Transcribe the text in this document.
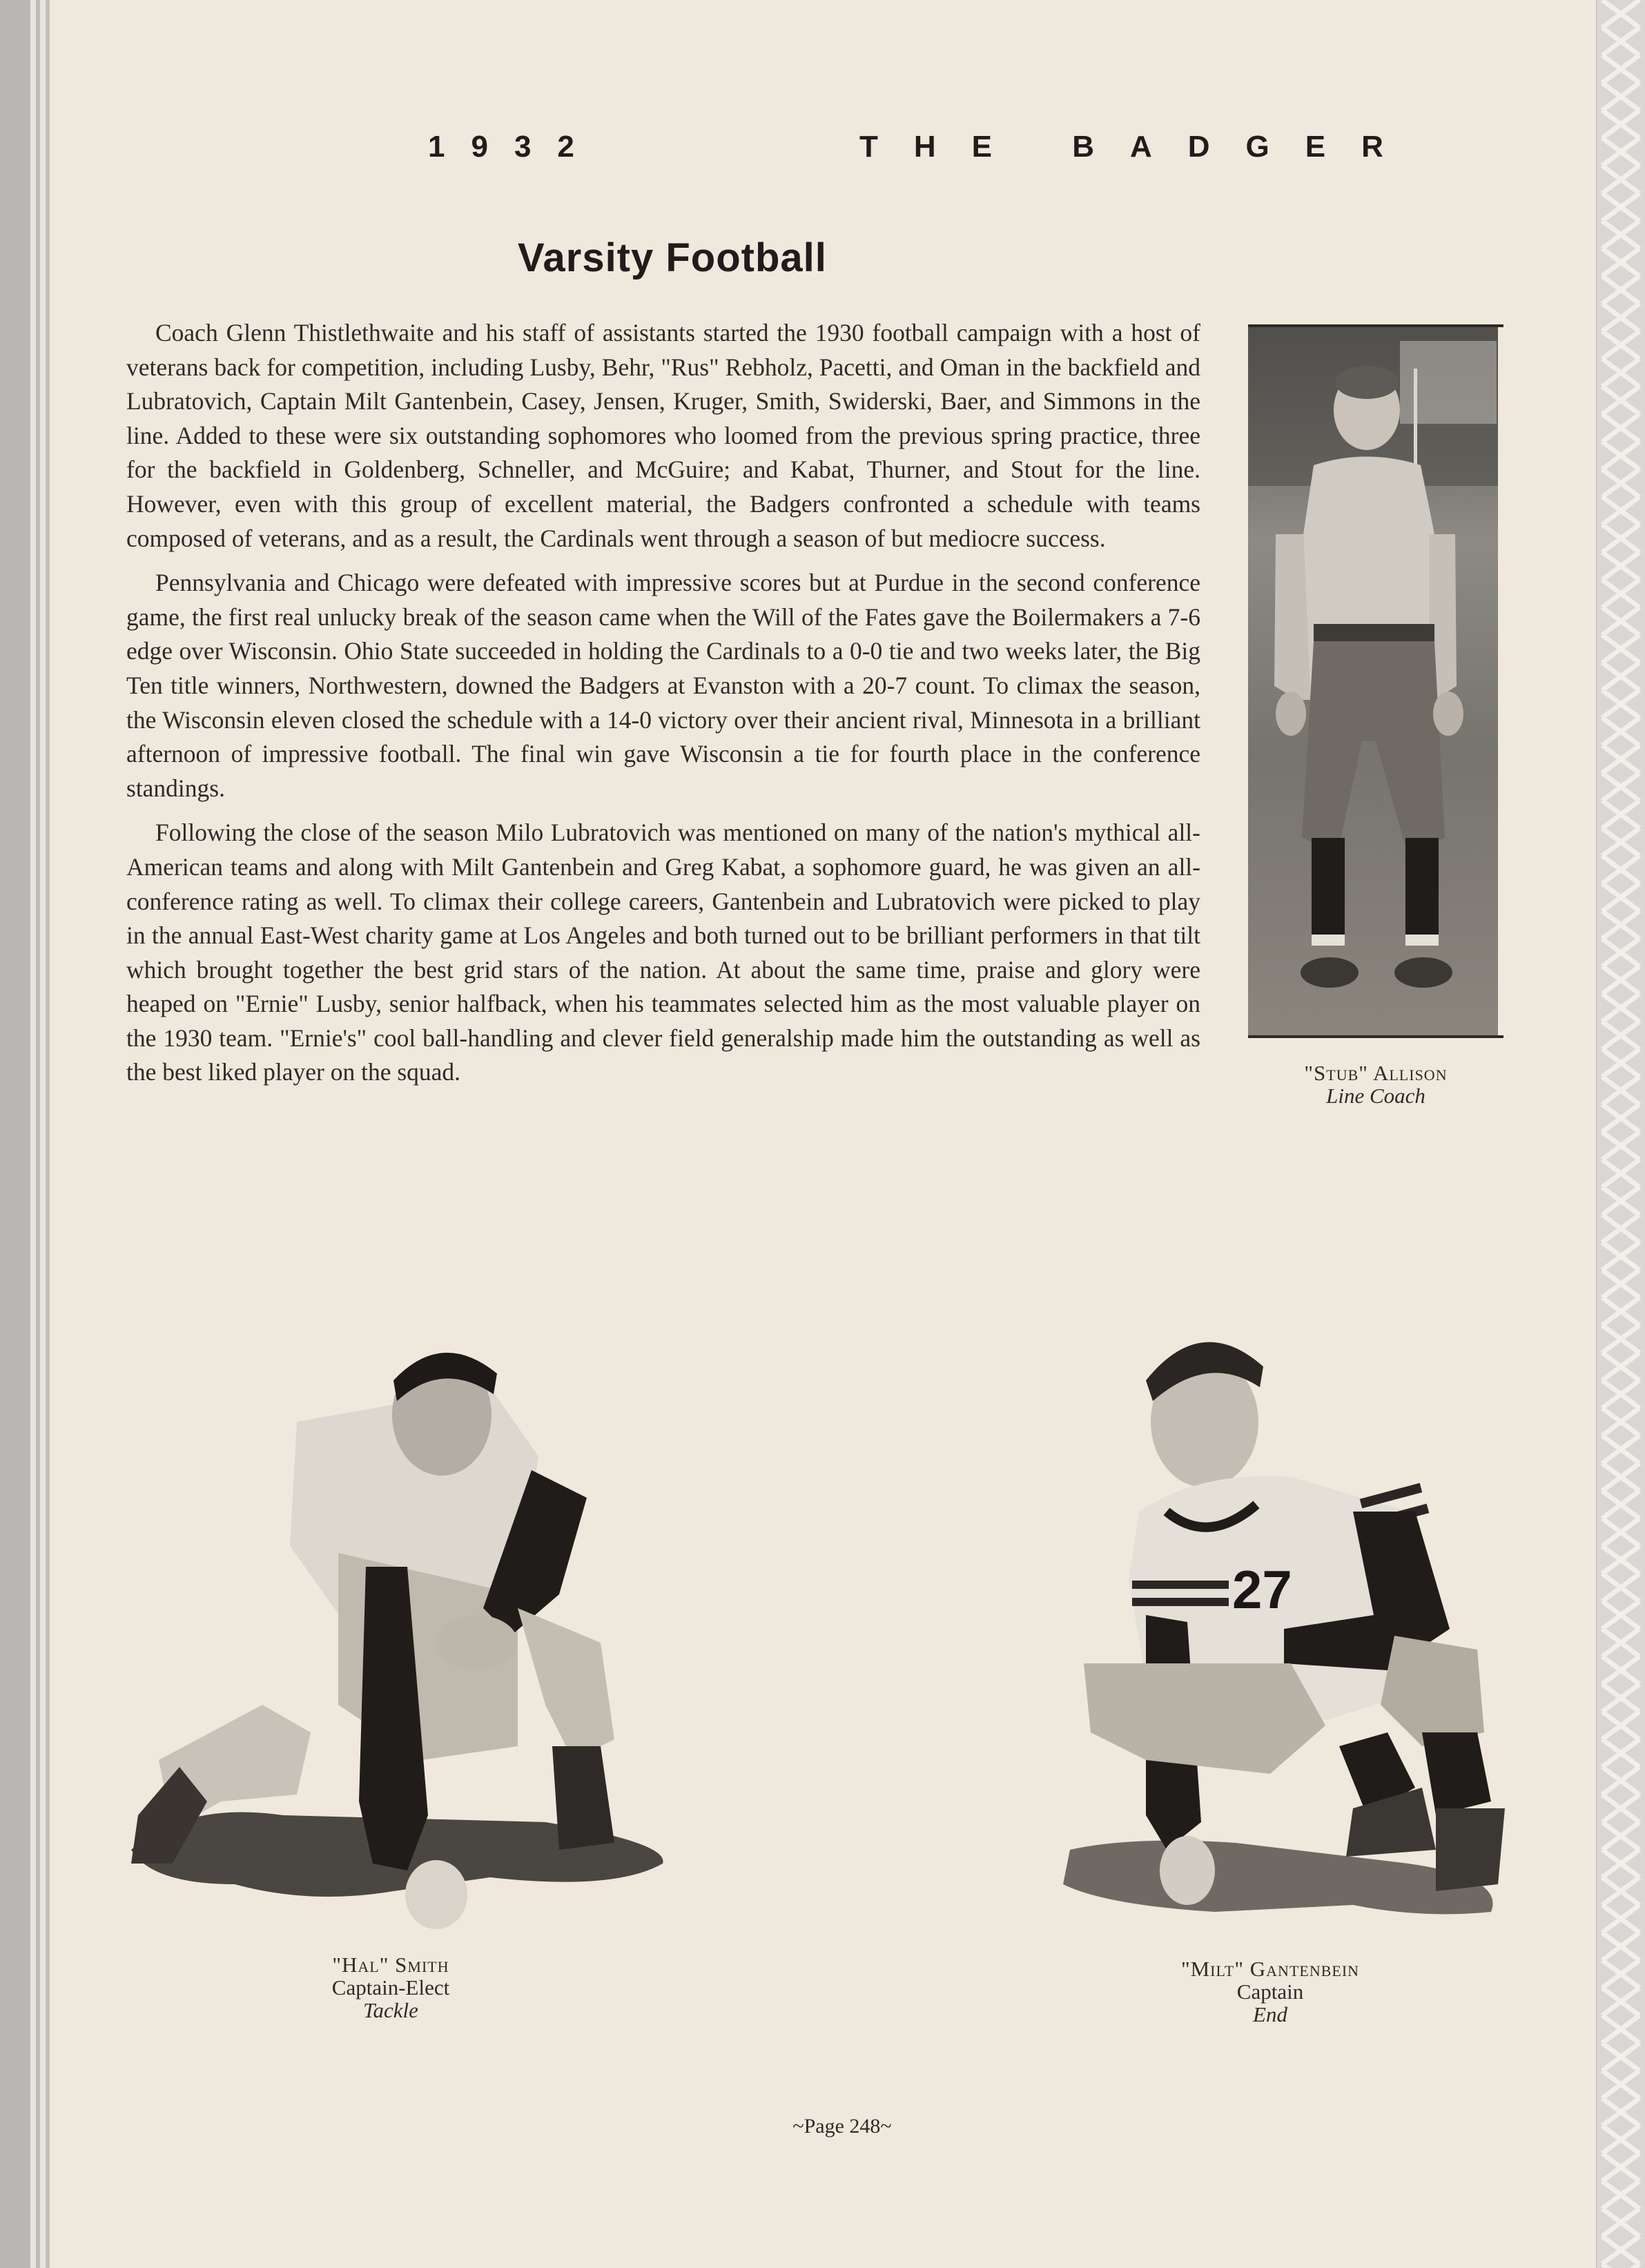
1932	THE BADGER
Varsity Football

Coach Glenn Thistlethwaite and his staff of assistants started the 1930 football campaign with a host of veterans back for competition, including Lusby, Behr, "Rus" Rebholz, Pacetti, and Oman in the backfield and Lubratovich, Captain Milt Gantenbein, Casey, Jensen, Kruger, Smith, Swiderski, Baer, and Simmons in the line. Added to these were six outstanding sophomores who loomed from the previous spring practice, three for the backfield in Goldenberg, Schneller, and McGuire; and Kabat, Thurner, and Stout for the line. However, even with this group of excellent material, the Badgers confronted a schedule with teams composed of veterans, and as a result, the Cardinals went through a season of but mediocre success.

Pennsylvania and Chicago were defeated with impressive scores but at Purdue in the second conference game, the first real unlucky break of the season came when the Will of the Fates gave the Boilermakers a 7-6 edge over Wisconsin. Ohio State succeeded in holding the Cardinals to a 0-0 tie and two weeks later, the Big Ten title winners, Northwestern, downed the Badgers at Evanston with a 20-7 count. To climax the season, the Wisconsin eleven closed the schedule with a 14-0 victory over their ancient rival, Minnesota in a brilliant afternoon of impressive football. The final win gave Wisconsin a tie for fourth place in the conference standings.

Following the close of the season Milo Lubratovich was mentioned on many of the nation's mythical all-American teams and along with Milt Gantenbein and Greg Kabat, a sophomore guard, he was given an all-conference rating as well. To climax their college careers, Gantenbein and Lubratovich were picked to play in the annual East-West charity game at Los Angeles and both turned out to be brilliant performers in that tilt which brought together the best grid stars of the nation. At about the same time, praise and glory were heaped on "Ernie" Lusby, senior halfback, when his teammates selected him as the most valuable player on the 1930 team. "Ernie's" cool ball-handling and clever field generalship made him the outstanding as well as the best liked player on the squad.	"Stub" Allison
Line Coach
"Hal" Smith
Captain-Elect
Tackle
27
"Milt" Gantenbein
Captain
End
~Page 248~
